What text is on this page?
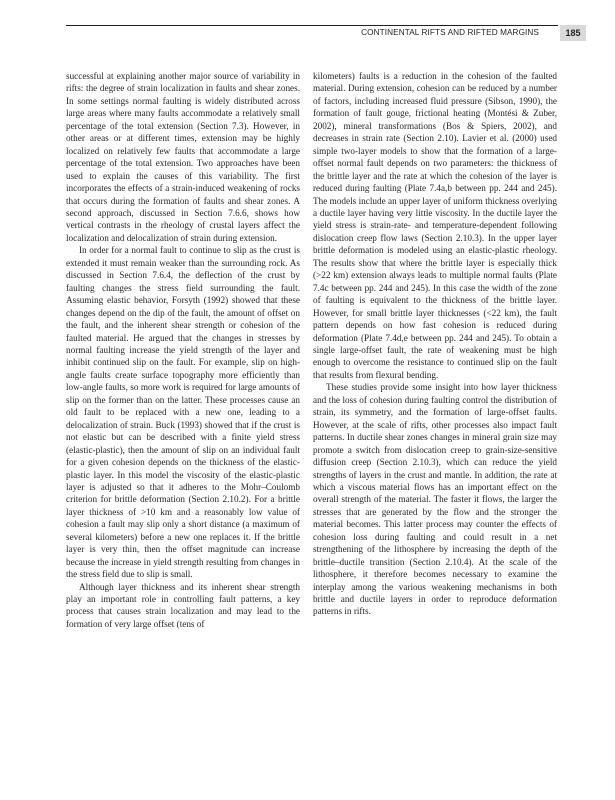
CONTINENTAL RIFTS AND RIFTED MARGINS	185

successful at explaining another major source of variability in rifts: the degree of strain localization in faults and shear zones. In some settings normal faulting is widely distributed across large areas where many faults accommodate a relatively small percentage of the total extension (Section 7.3). However, in other areas or at different times, extension may be highly localized on relatively few faults that accommodate a large percentage of the total extension. Two approaches have been used to explain the causes of this variability. The first incorporates the effects of a strain-induced weakening of rocks that occurs during the formation of faults and shear zones. A second approach, discussed in Section 7.6.6, shows how vertical contrasts in the rheology of crustal layers affect the localization and delocalization of strain during extension.

In order for a normal fault to continue to slip as the crust is extended it must remain weaker than the surrounding rock. As discussed in Section 7.6.4, the deflection of the crust by faulting changes the stress field surrounding the fault. Assuming elastic behavior, Forsyth (1992) showed that these changes depend on the dip of the fault, the amount of offset on the fault, and the inherent shear strength or cohesion of the faulted material. He argued that the changes in stresses by normal faulting increase the yield strength of the layer and inhibit continued slip on the fault. For example, slip on high-angle faults create surface topography more efficiently than low-angle faults, so more work is required for large amounts of slip on the former than on the latter. These processes cause an old fault to be replaced with a new one, leading to a delocalization of strain. Buck (1993) showed that if the crust is not elastic but can be described with a finite yield stress (elastic-plastic), then the amount of slip on an individual fault for a given cohesion depends on the thickness of the elastic-plastic layer. In this model the viscosity of the elastic-plastic layer is adjusted so that it adheres to the Mohr–Coulomb criterion for brittle deformation (Section 2.10.2). For a brittle layer thickness of >10 km and a reasonably low value of cohesion a fault may slip only a short distance (a maximum of several kilometers) before a new one replaces it. If the brittle layer is very thin, then the offset magnitude can increase because the increase in yield strength resulting from changes in the stress field due to slip is small.

Although layer thickness and its inherent shear strength play an important role in controlling fault patterns, a key process that causes strain localization and may lead to the formation of very large offset (tens of

kilometers) faults is a reduction in the cohesion of the faulted material. During extension, cohesion can be reduced by a number of factors, including increased fluid pressure (Sibson, 1990), the formation of fault gouge, frictional heating (Montési & Zuber, 2002), mineral transformations (Bos & Spiers, 2002), and decreases in strain rate (Section 2.10). Lavier et al. (2000) used simple two-layer models to show that the formation of a large-offset normal fault depends on two parameters: the thickness of the brittle layer and the rate at which the cohesion of the layer is reduced during faulting (Plate 7.4a,b between pp. 244 and 245). The models include an upper layer of uniform thickness overlying a ductile layer having very little viscosity. In the ductile layer the yield stress is strain-rate- and temperature-dependent following dislocation creep flow laws (Section 2.10.3). In the upper layer brittle deformation is modeled using an elastic-plastic rheology. The results show that where the brittle layer is especially thick (>22 km) extension always leads to multiple normal faults (Plate 7.4c between pp. 244 and 245). In this case the width of the zone of faulting is equivalent to the thickness of the brittle layer. However, for small brittle layer thicknesses (<22 km), the fault pattern depends on how fast cohesion is reduced during deformation (Plate 7.4d,e between pp. 244 and 245). To obtain a single large-offset fault, the rate of weakening must be high enough to overcome the resistance to continued slip on the fault that results from flexural bending.

These studies provide some insight into how layer thickness and the loss of cohesion during faulting control the distribution of strain, its symmetry, and the formation of large-offset faults. However, at the scale of rifts, other processes also impact fault patterns. In ductile shear zones changes in mineral grain size may promote a switch from dislocation creep to grain-size-sensitive diffusion creep (Section 2.10.3), which can reduce the yield strengths of layers in the crust and mantle. In addition, the rate at which a viscous material flows has an important effect on the overall strength of the material. The faster it flows, the larger the stresses that are generated by the flow and the stronger the material becomes. This latter process may counter the effects of cohesion loss during faulting and could result in a net strengthening of the lithosphere by increasing the depth of the brittle–ductile transition (Section 2.10.4). At the scale of the lithosphere, it therefore becomes necessary to examine the interplay among the various weakening mechanisms in both brittle and ductile layers in order to reproduce deformation patterns in rifts.
